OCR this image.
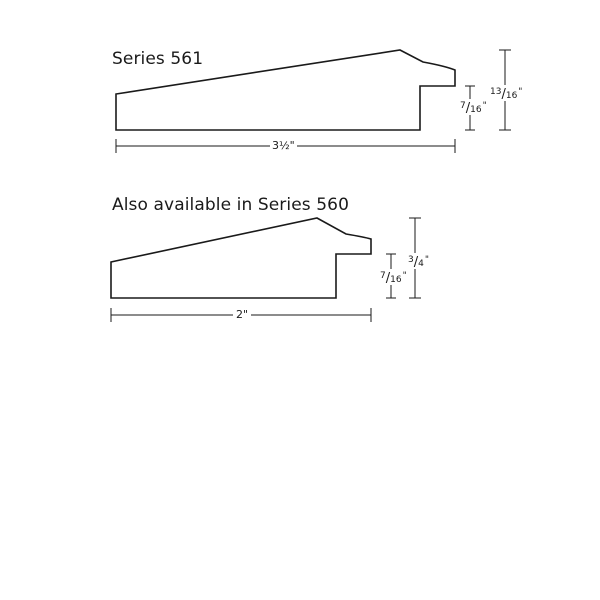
Series 561
Also available in Series 560
3½"
2"
$^7$/16"
$^{13}$/16"
$^7$/16"
$^3$/4"
